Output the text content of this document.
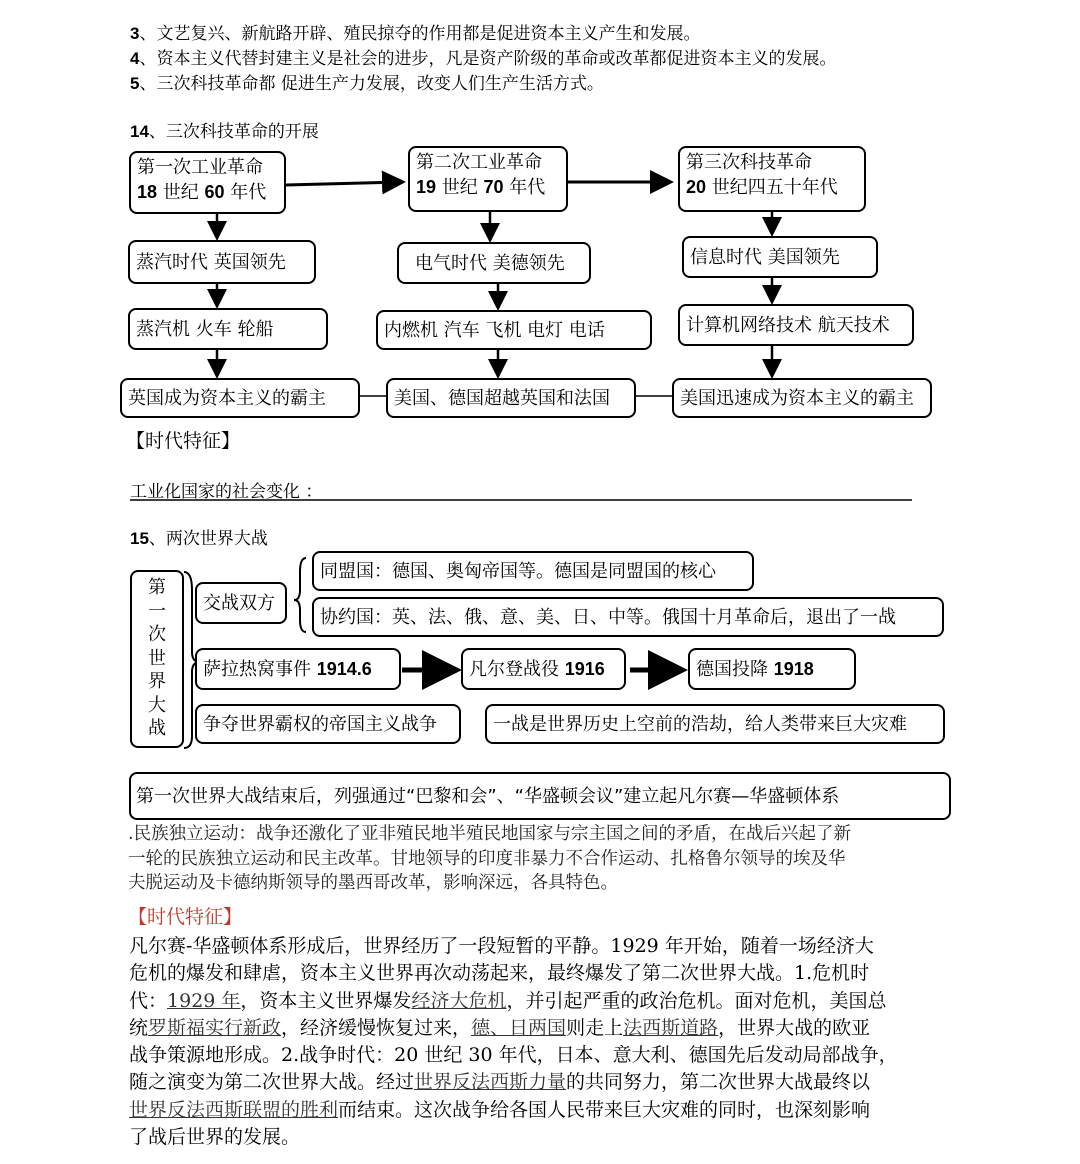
3、文艺复兴、新航路开辟、殖民掠夺的作用都是促进资本主义产生和发展。
4、资本主义代替封建主义是社会的进步，凡是资产阶级的革命或改革都促进资本主义的发展。
5、三次科技革命都 促进生产力发展，改变人们生产生活方式。
14、三次科技革命的开展
第一次工业革命
18 世纪 60 年代
蒸汽时代 英国领先
蒸汽机 火车 轮船
英国成为资本主义的霸主
第二次工业革命
19 世纪 70 年代
电气时代 美德领先
内燃机 汽车 飞机 电灯 电话
美国、德国超越英国和法国
第三次科技革命
20 世纪四五十年代
信息时代 美国领先
计算机网络技术 航天技术
美国迅速成为资本主义的霸主
【时代特征】
工业化国家的社会变化 ：
15、两次世界大战
第
一
次
世
界
大
战
交战双方
同盟国：德国、奥匈帝国等。德国是同盟国的核心
协约国：英、法、俄、意、美、日、中等。俄国十月革命后，退出了一战
萨拉热窝事件 1914.6	凡尔登战役 1916	德国投降 1918
争夺世界霸权的帝国主义战争	一战是世界历史上空前的浩劫，给人类带来巨大灾难
第一次世界大战结束后，列强通过“巴黎和会”、“华盛顿会议”建立起凡尔赛—华盛顿体系
.民族独立运动：战争还激化了亚非殖民地半殖民地国家与宗主国之间的矛盾，在战后兴起了新
一轮的民族独立运动和民主改革。甘地领导的印度非暴力不合作运动、扎格鲁尔领导的埃及华
夫脱运动及卡德纳斯领导的墨西哥改革，影响深远，各具特色。
【时代特征】
凡尔赛-华盛顿体系形成后，世界经历了一段短暂的平静。1929 年开始，随着一场经济大
危机的爆发和肆虐，资本主义世界再次动荡起来，最终爆发了第二次世界大战。1.危机时
代：1929 年，资本主义世界爆发经济大危机，并引起严重的政治危机。面对危机，美国总
统罗斯福实行新政，经济缓慢恢复过来，德、日两国则走上法西斯道路，世界大战的欧亚
战争策源地形成。2.战争时代：20 世纪 30 年代，日本、意大利、德国先后发动局部战争，
随之演变为第二次世界大战。经过世界反法西斯力量的共同努力，第二次世界大战最终以
世界反法西斯联盟的胜利而结束。这次战争给各国人民带来巨大灾难的同时，也深刻影响
了战后世界的发展。
